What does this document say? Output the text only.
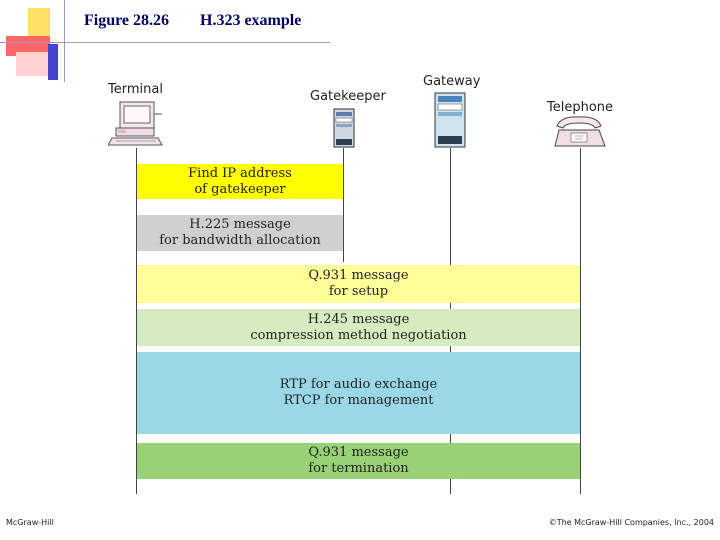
Figure 28.26 H.323 example
Terminal	Gatekeeper
Gateway
Telephone
Find IP address
of gatekeeper
H.225 message
for bandwidth allocation
Q.931 message
for setup
H.245 message
compression method negotiation
RTP for audio exchange
RTCP for management
Q.931 message
for termination
McGraw-Hill	©The McGraw-Hill Companies, Inc., 2004
